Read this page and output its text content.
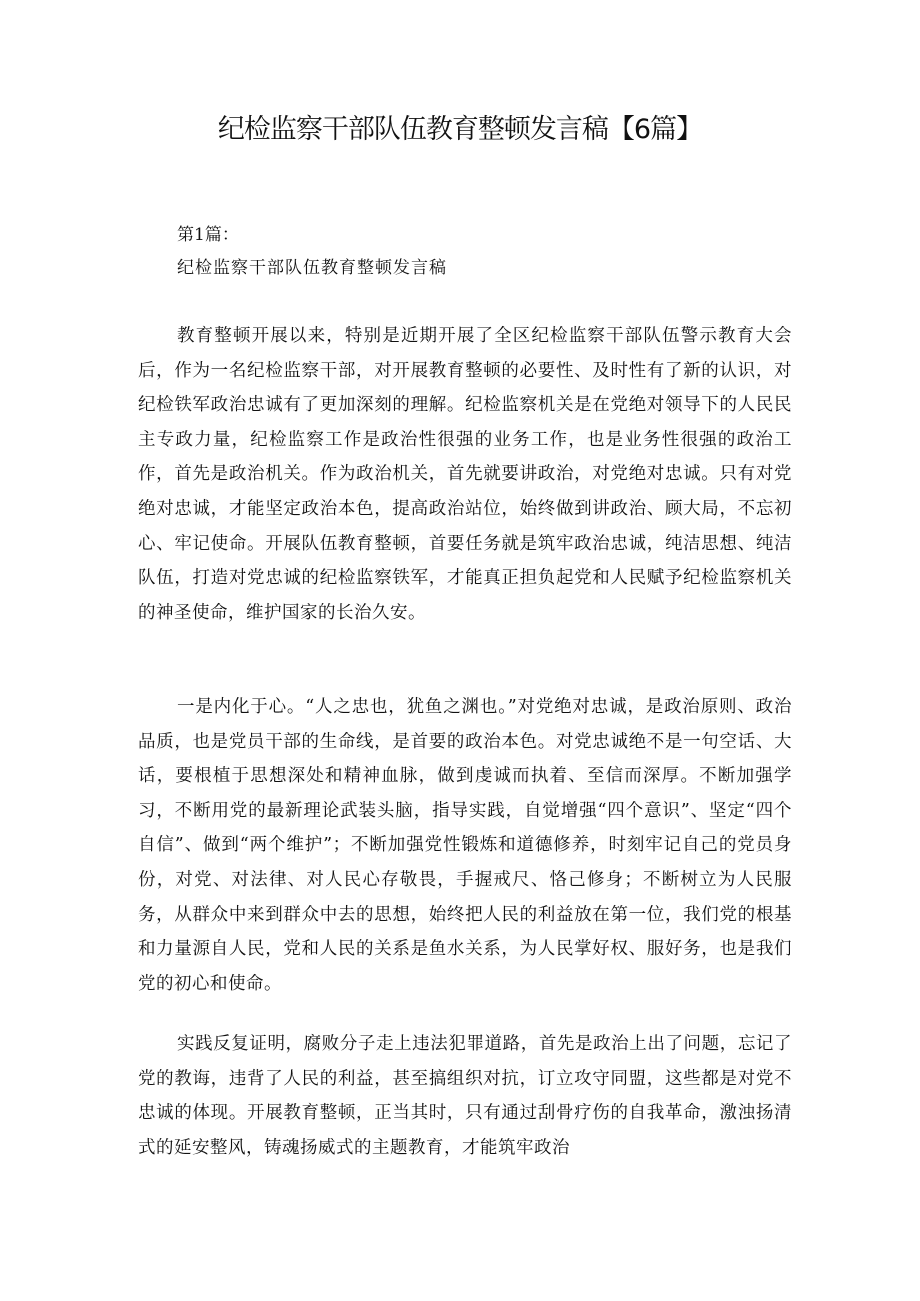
纪检监察干部队伍教育整顿发言稿【6篇】
第1篇：
纪检监察干部队伍教育整顿发言稿

教育整顿开展以来，特别是近期开展了全区纪检监察干部队伍警示教育大会后，作为一名纪检监察干部，对开展教育整顿的必要性、及时性有了新的认识，对纪检铁军政治忠诚有了更加深刻的理解。纪检监察机关是在党绝对领导下的人民民主专政力量，纪检监察工作是政治性很强的业务工作，也是业务性很强的政治工作，首先是政治机关。作为政治机关，首先就要讲政治，对党绝对忠诚。只有对党绝对忠诚，才能坚定政治本色，提高政治站位，始终做到讲政治、顾大局，不忘初心、牢记使命。开展队伍教育整顿，首要任务就是筑牢政治忠诚，纯洁思想、纯洁队伍，打造对党忠诚的纪检监察铁军，才能真正担负起党和人民赋予纪检监察机关的神圣使命，维护国家的长治久安。

一是内化于心。“人之忠也，犹鱼之渊也。”对党绝对忠诚，是政治原则、政治品质，也是党员干部的生命线，是首要的政治本色。对党忠诚绝不是一句空话、大话，要根植于思想深处和精神血脉，做到虔诚而执着、至信而深厚。不断加强学习，不断用党的最新理论武装头脑，指导实践，自觉增强“四个意识”、坚定“四个自信”、做到“两个维护”；不断加强党性锻炼和道德修养，时刻牢记自己的党员身份，对党、对法律、对人民心存敬畏，手握戒尺、恪己修身；不断树立为人民服务，从群众中来到群众中去的思想，始终把人民的利益放在第一位，我们党的根基和力量源自人民，党和人民的关系是鱼水关系，为人民掌好权、服好务，也是我们党的初心和使命。

实践反复证明，腐败分子走上违法犯罪道路，首先是政治上出了问题，忘记了党的教诲，违背了人民的利益，甚至搞组织对抗，订立攻守同盟，这些都是对党不忠诚的体现。开展教育整顿，正当其时，只有通过刮骨疗伤的自我革命，激浊扬清式的延安整风，铸魂扬威式的主题教育，才能筑牢政治
